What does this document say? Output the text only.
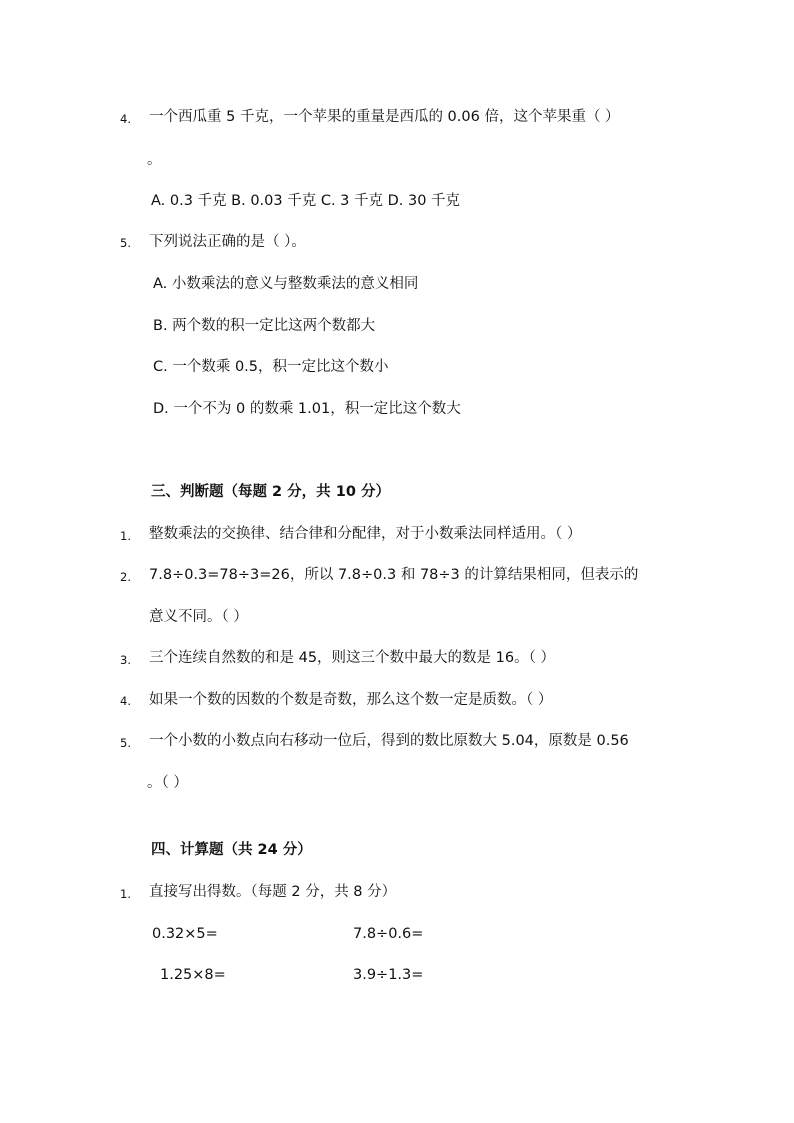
4. 一个西瓜重 5 千克，一个苹果的重量是西瓜的 0.06 倍，这个苹果重（ ）
。
A. 0.3 千克 B. 0.03 千克 C. 3 千克 D. 30 千克
5. 下列说法正确的是（ ）。
A. 小数乘法的意义与整数乘法的意义相同
B. 两个数的积一定比这两个数都大
C. 一个数乘 0.5，积一定比这个数小
D. 一个不为 0 的数乘 1.01，积一定比这个数大
三、判断题（每题 2 分，共 10 分）
1. 整数乘法的交换律、结合律和分配律，对于小数乘法同样适用。（ ）
2. 7.8÷0.3=78÷3=26，所以 7.8÷0.3 和 78÷3 的计算结果相同，但表示的
意义不同。（ ）
3. 三个连续自然数的和是 45，则这三个数中最大的数是 16。（ ）
4. 如果一个数的因数的个数是奇数，那么这个数一定是质数。（ ）
5. 一个小数的小数点向右移动一位后，得到的数比原数大 5.04，原数是 0.56
。（ ）
四、计算题（共 24 分）
1. 直接写出得数。（每题 2 分，共 8 分）
0.32×5=	7.8÷0.6=
1.25×8=	3.9÷1.3=
